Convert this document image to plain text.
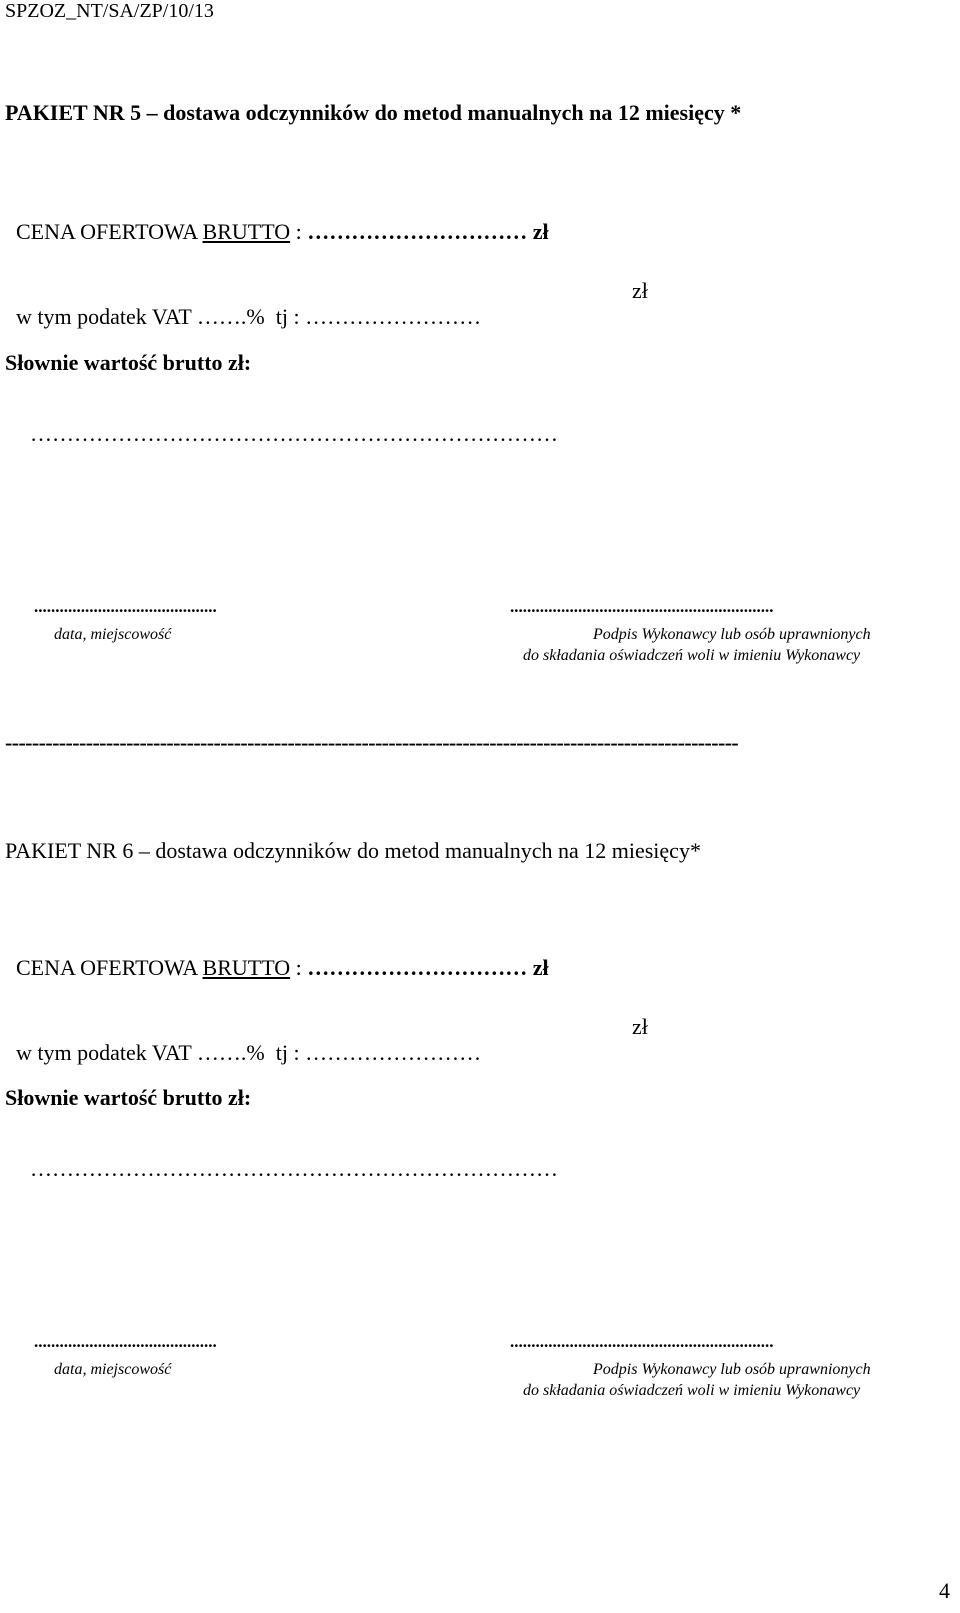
SPZOZ_NT/SA/ZP/10/13
PAKIET NR 5 – dostawa odczynników do metod manualnych na 12 miesięcy *

CENA OFERTOWA BRUTTO : ………………………… zł

w tym podatek VAT …….%  tj : ……………………

zł
Słownie wartość brutto zł:
………………………………………………………………
...........................................
data, miejscowość
..............................................................
Podpis Wykonawcy lub osób uprawnionych
do składania oświadczeń woli w imieniu Wykonawcy
-------------------------------------------------------------------------------------------------------------
PAKIET NR 6 – dostawa odczynników do metod manualnych na 12 miesięcy*

CENA OFERTOWA BRUTTO : ………………………… zł

w tym podatek VAT …….%  tj : ……………………

zł
Słownie wartość brutto zł:
………………………………………………………………
...........................................
data, miejscowość
..............................................................
Podpis Wykonawcy lub osób uprawnionych
do składania oświadczeń woli w imieniu Wykonawcy
4
